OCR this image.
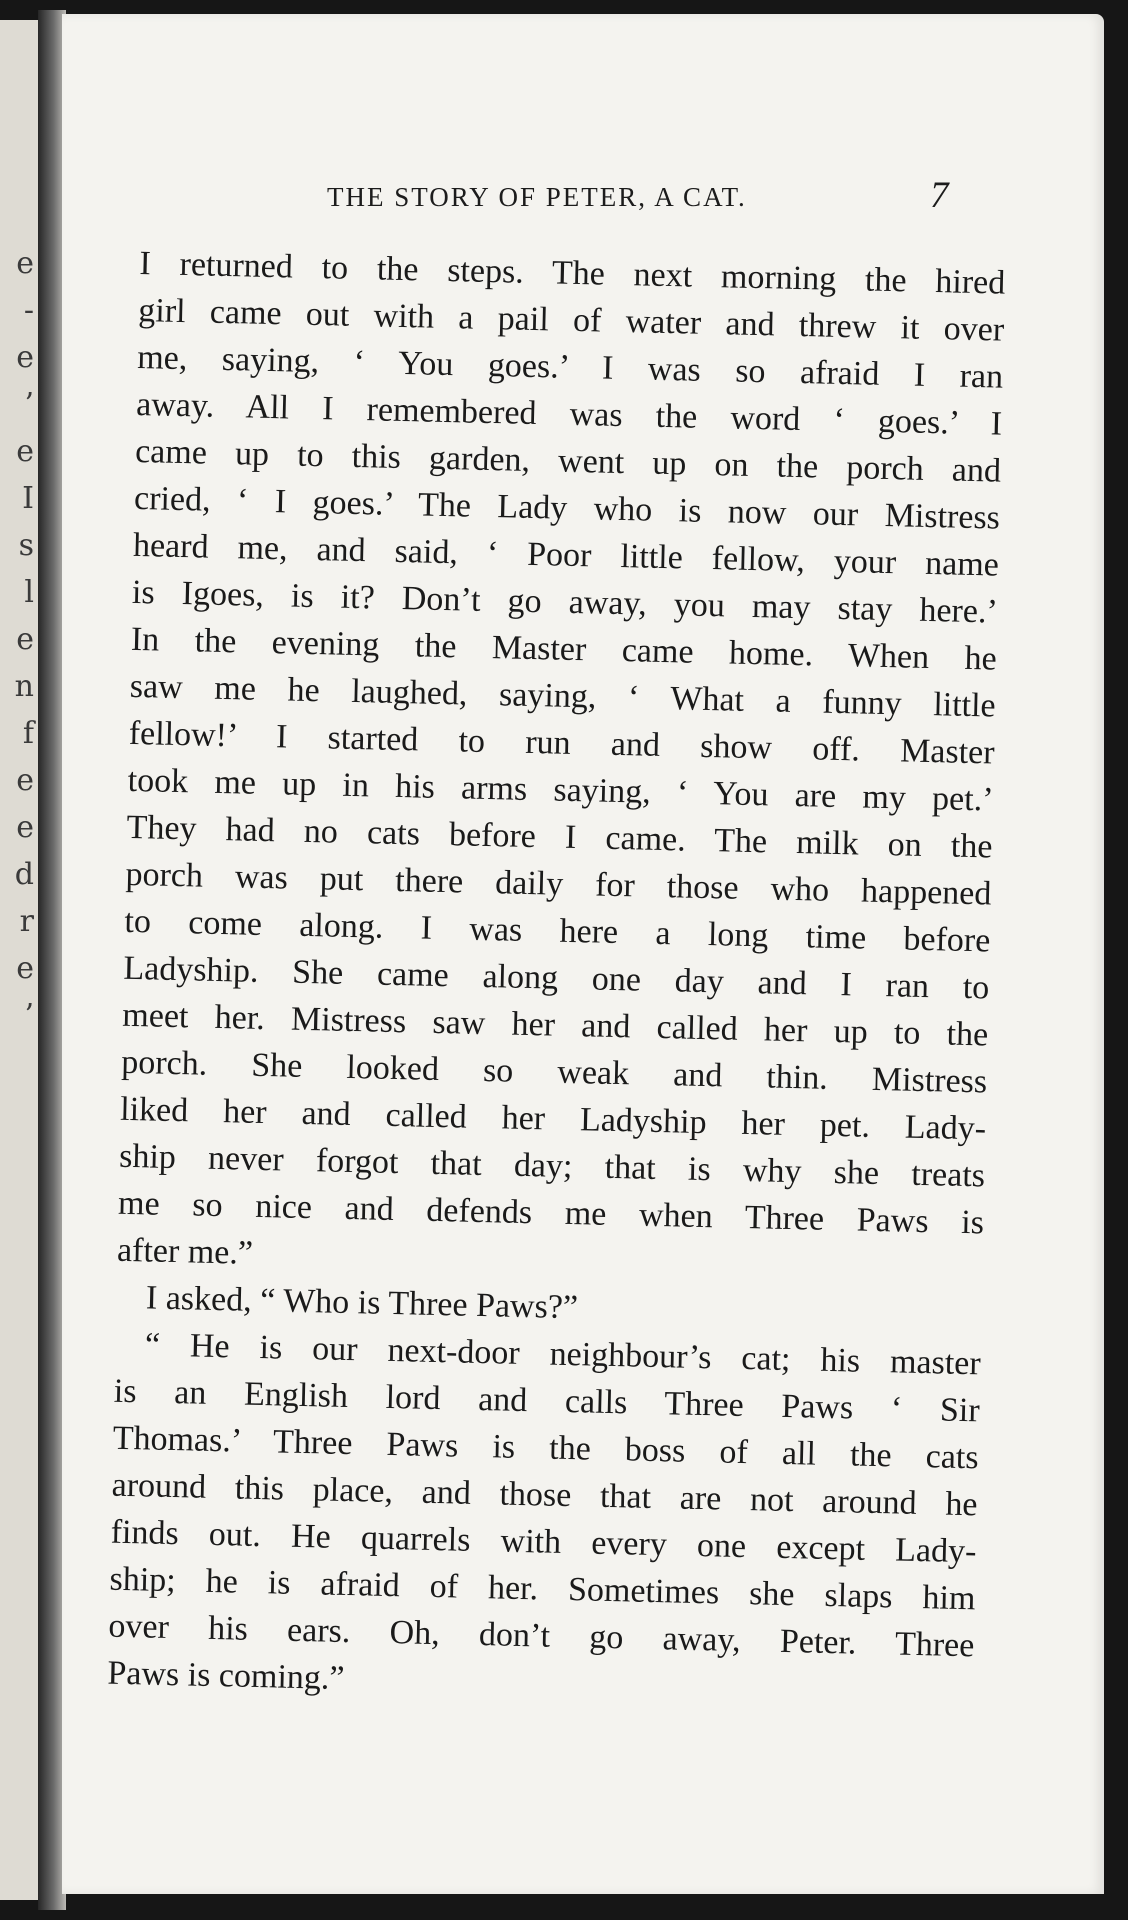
e
-
e
’
e
I
s
l
e
n
f
e
e
d
r
e
’
THE STORY OF PETER, A CAT.	7
I returned to the steps. The next morning the hired
girl came out with a pail of water and threw it over
me, saying, ‘ You goes.’ I was so afraid I ran
away. All I remembered was the word ‘ goes.’ I
came up to this garden, went up on the porch and
cried, ‘ I goes.’ The Lady who is now our Mistress
heard me, and said, ‘ Poor little fellow, your name
is Igoes, is it? Don’t go away, you may stay here.’
In the evening the Master came home. When he
saw me he laughed, saying, ‘ What a funny little
fellow!’ I started to run and show off. Master
took me up in his arms saying, ‘ You are my pet.’
They had no cats before I came. The milk on the
porch was put there daily for those who happened
to come along. I was here a long time before
Ladyship. She came along one day and I ran to
meet her. Mistress saw her and called her up to the
porch. She looked so weak and thin. Mistress
liked her and called her Ladyship her pet. Lady-
ship never forgot that day; that is why she treats
me so nice and defends me when Three Paws is
after me.”
I asked, “ Who is Three Paws?”
“ He is our next-door neighbour’s cat; his master
is an English lord and calls Three Paws ‘ Sir
Thomas.’ Three Paws is the boss of all the cats
around this place, and those that are not around he
finds out. He quarrels with every one except Lady-
ship; he is afraid of her. Sometimes she slaps him
over his ears. Oh, don’t go away, Peter. Three
Paws is coming.”
